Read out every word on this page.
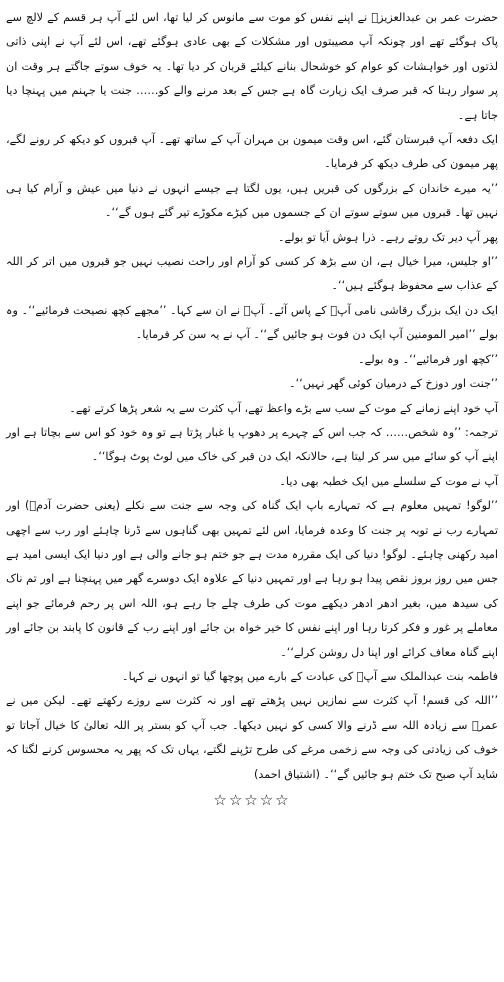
حضرت عمر بن عبدالعزیزؒ نے اپنے نفس کو موت سے مانوس کر لیا تھا، اس لئے آپ ہر قسم کے لالچ سے پاک ہوگئے تھے اور چونکہ آپ مصیبتوں اور مشکلات کے بھی عادی ہوگئے تھے، اس لئے آپ نے اپنی ذاتی لذتوں اور خواہشات کو عوام کو خوشحال بنانے کیلئے قربان کر دیا تھا۔ یہ خوف سوتے جاگتے ہر وقت ان پر سوار رہتا کہ قبر صرف ایک زیارت گاہ ہے جس کے بعد مرنے والے کو…… جنت یا جہنم میں پہنچا دیا جاتا ہے۔

ایک دفعہ آپ قبرستان گئے، اس وقت میمون بن مہران آپ کے ساتھ تھے۔ آپ قبروں کو دیکھ کر رونے لگے، پھر میمون کی طرف دیکھ کر فرمایا۔

’’یہ میرے خاندان کے بزرگوں کی قبریں ہیں، یوں لگتا ہے جیسے انہوں نے دنیا میں عیش و آرام کیا ہی نہیں تھا۔ قبروں میں سوتے سوتے ان کے جسموں میں کیڑے مکوڑے تیر گئے ہوں گے‘‘۔

پھر آپ دیر تک روتے رہے۔ ذرا ہوش آیا تو بولے۔

’’او جلیس، میرا خیال ہے، ان سے بڑھ کر کسی کو آرام اور راحت نصیب نہیں جو قبروں میں اتر کر اللہ کے عذاب سے محفوظ ہوگئے ہیں‘‘۔

ایک دن ایک بزرگ رقاشی نامی آپؒ کے پاس آئے۔ آپؒ نے ان سے کہا۔ ’’مجھے کچھ نصیحت فرمائیے‘‘۔ وہ بولے ’’امیر المومنین آپ ایک دن فوت ہو جائیں گے‘‘۔ آپ نے یہ سن کر فرمایا۔

’’کچھ اور فرمائیے‘‘۔ وہ بولے۔

’’جنت اور دوزخ کے درمیان کوئی گھر نہیں‘‘۔

آپ خود اپنے زمانے کے موت کے سب سے بڑے واعظ تھے، آپ کثرت سے یہ شعر پڑھا کرتے تھے۔

ترجمہ: ’’وہ شخص…… کہ جب اس کے چہرے پر دھوپ یا غبار پڑتا ہے تو وہ خود کو اس سے بچاتا ہے اور اپنے آپ کو سائے میں سر کر لیتا ہے، حالانکہ ایک دن قبر کی خاک میں لوٹ پوٹ ہوگا‘‘۔

آپ نے موت کے سلسلے میں ایک خطبہ بھی دیا۔

’’لوگو! تمہیں معلوم ہے کہ تمہارے باپ ایک گناہ کی وجہ سے جنت سے نکلے (یعنی حضرت آدمؑ) اور تمہارے رب نے توبہ پر جنت کا وعدہ فرمایا، اس لئے تمہیں بھی گناہوں سے ڈرنا چاہئے اور رب سے اچھی امید رکھنی چاہئے۔ لوگو! دنیا کی ایک مقررہ مدت ہے جو ختم ہو جانے والی ہے اور دنیا ایک ایسی امید ہے جس میں روز بروز نقص پیدا ہو رہا ہے اور تمہیں دنیا کے علاوہ ایک دوسرے گھر میں پہنچنا ہے اور تم ناک کی سیدھ میں، بغیر ادھر ادھر دیکھے موت کی طرف چلے جا رہے ہو، اللہ اس پر رحم فرمائے جو اپنے معاملے پر غور و فکر کرتا رہا اور اپنے نفس کا خیر خواہ بن جائے اور اپنے رب کے قانون کا پابند بن جائے اور اپنے گناہ معاف کرائے اور اپنا دل روشن کرلے‘‘۔

فاطمہ بنت عبدالملک سے آپؒ کی عبادت کے بارے میں پوچھا گیا تو انہوں نے کہا۔

’’اللہ کی قسم! آپ کثرت سے نمازیں نہیں پڑھتے تھے اور نہ کثرت سے روزے رکھتے تھے۔ لیکن میں نے عمرؒ سے زیادہ اللہ سے ڈرنے والا کسی کو نہیں دیکھا۔ جب آپ کو بستر پر اللہ تعالیٰ کا خیال آجاتا تو خوف کی زیادتی کی وجہ سے زخمی مرغے کی طرح تڑپنے لگتے، یہاں تک کہ پھر یہ محسوس کرنے لگتا کہ شاید آپ صبح تک ختم ہو جائیں گے‘‘۔ (اشتیاق احمد)

☆☆☆☆☆
